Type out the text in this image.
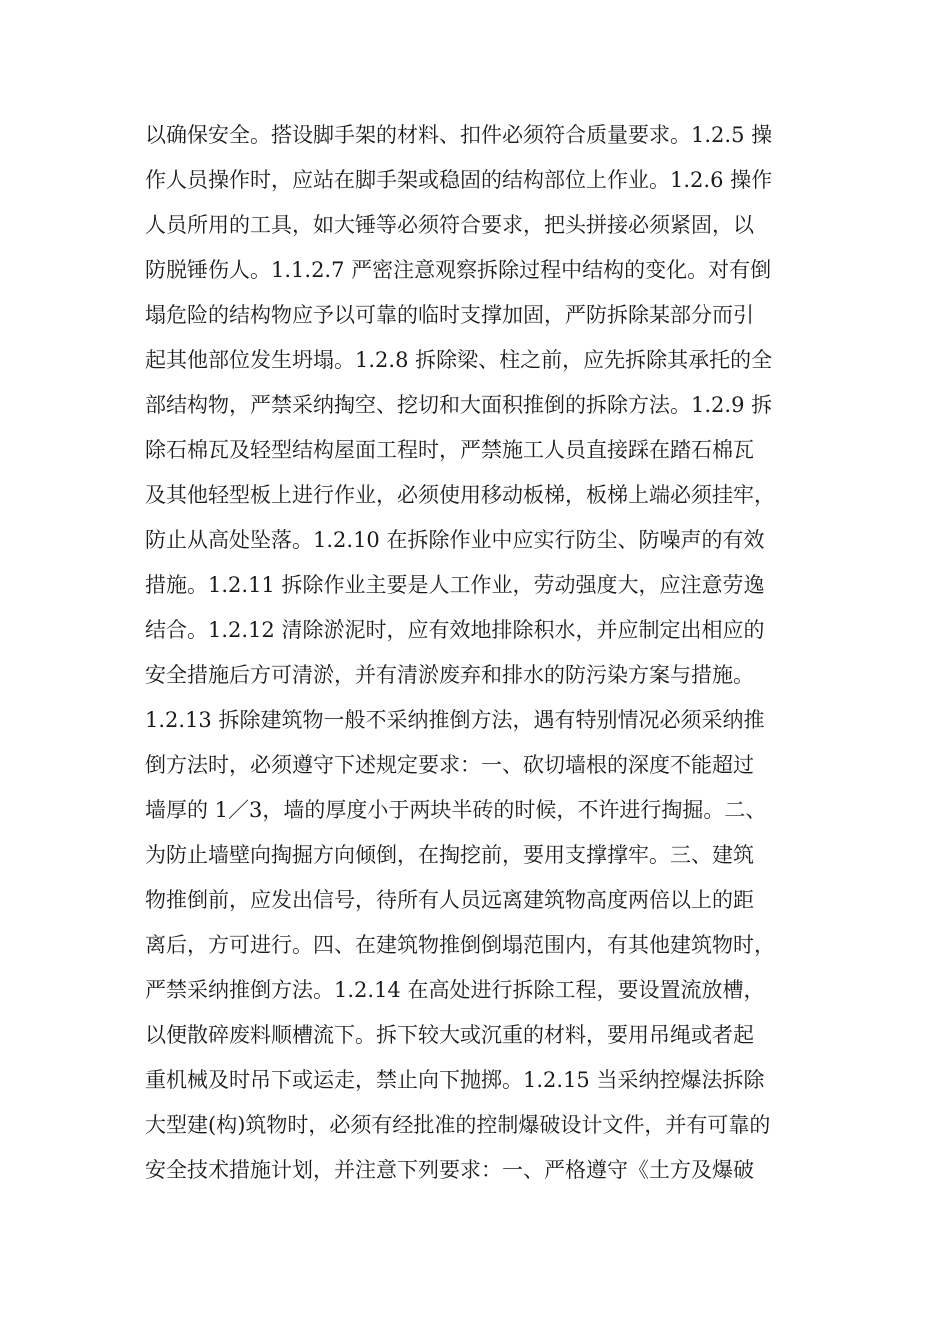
以确保安全。搭设脚手架的材料、扣件必须符合质量要求。1.2.5 操
作人员操作时，应站在脚手架或稳固的结构部位上作业。1.2.6 操作
人员所用的工具，如大锤等必须符合要求，把头拼接必须紧固，以
防脱锤伤人。1.1.2.7 严密注意观察拆除过程中结构的变化。对有倒
塌危险的结构物应予以可靠的临时支撑加固，严防拆除某部分而引
起其他部位发生坍塌。1.2.8 拆除梁、柱之前，应先拆除其承托的全
部结构物，严禁采纳掏空、挖切和大面积推倒的拆除方法。1.2.9 拆
除石棉瓦及轻型结构屋面工程时，严禁施工人员直接踩在踏石棉瓦
及其他轻型板上进行作业，必须使用移动板梯，板梯上端必须挂牢，
防止从高处坠落。1.2.10 在拆除作业中应实行防尘、防噪声的有效
措施。1.2.11 拆除作业主要是人工作业，劳动强度大，应注意劳逸
结合。1.2.12 清除淤泥时，应有效地排除积水，并应制定出相应的
安全措施后方可清淤，并有清淤废弃和排水的防污染方案与措施。
1.2.13 拆除建筑物一般不采纳推倒方法，遇有特别情况必须采纳推
倒方法时，必须遵守下述规定要求：一、砍切墙根的深度不能超过
墙厚的 1／3，墙的厚度小于两块半砖的时候，不许进行掏掘。二、
为防止墙壁向掏掘方向倾倒，在掏挖前，要用支撑撑牢。三、建筑
物推倒前，应发出信号，待所有人员远离建筑物高度两倍以上的距
离后，方可进行。四、在建筑物推倒倒塌范围内，有其他建筑物时，
严禁采纳推倒方法。1.2.14 在高处进行拆除工程，要设置流放槽，
以便散碎废料顺槽流下。拆下较大或沉重的材料，要用吊绳或者起
重机械及时吊下或运走，禁止向下抛掷。1.2.15 当采纳控爆法拆除
大型建(构)筑物时，必须有经批准的控制爆破设计文件，并有可靠的
安全技术措施计划，并注意下列要求：一、严格遵守《土方及爆破
